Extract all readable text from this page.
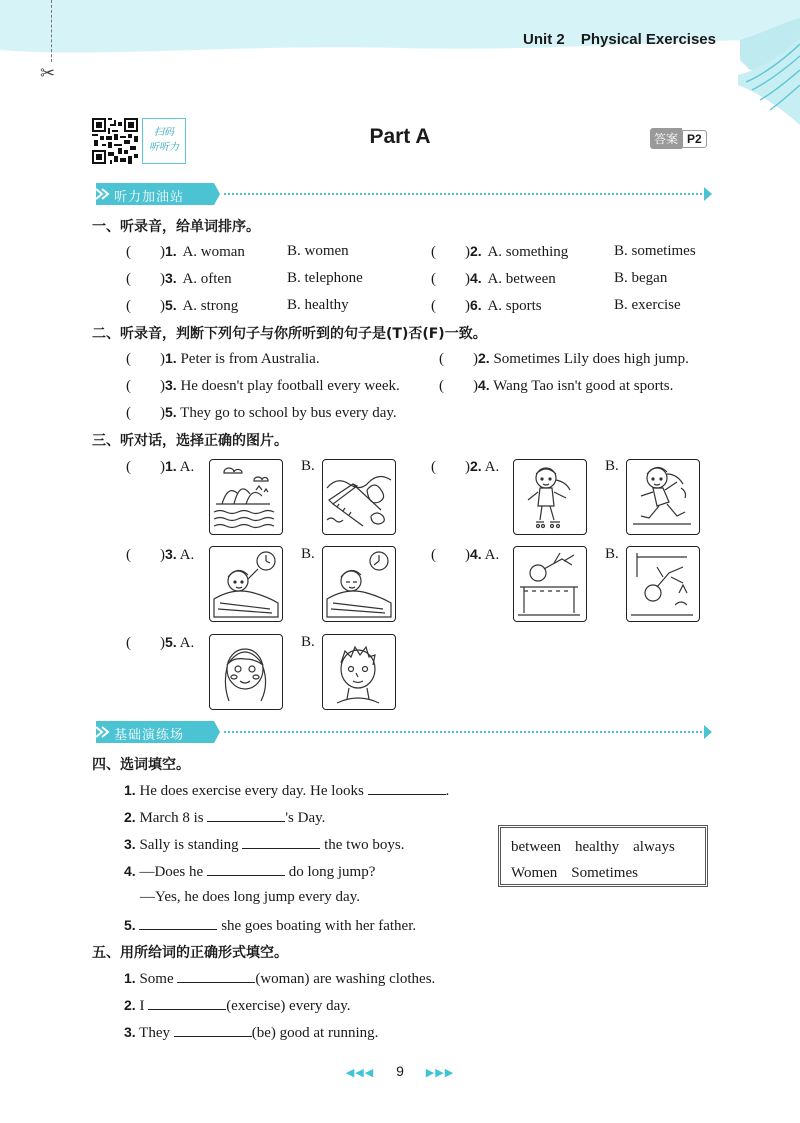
Unit 2 Physical Exercises
✂
扫码
听听力	Part A	答案 P2
听力加油站
一、听录音，给单词排序。
( )1. A. woman	B. women	( )2. A. something	B. sometimes
( )3. A. often	B. telephone	( )4. A. between	B. began
( )5. A. strong	B. healthy	( )6. A. sports	B. exercise
二、听录音，判断下列句子与你所听到的句子是(T)否(F)一致。
( )1. Peter is from Australia.	( )2. Sometimes Lily does high jump.
( )3. He doesn't play football every week.	( )4. Wang Tao isn't good at sports.
( )5. They go to school by bus every day.
三、听对话，选择正确的图片。
( )1. A.	B.	( )2. A.	B.
( )3. A.	B.	( )4. A.	B.
( )5. A.	B.
基础演练场
四、选词填空。
1. He does exercise every day. He looks	.
2. March 8 is	's Day.
3. Sally is standing	the two boys.
4. —Does he	do long jump?
—Yes, he does long jump every day.
5.	she goes boating with her father.
between healthy always
Women Sometimes
五、用所给词的正确形式填空。
1. Some	(woman) are washing clothes.
2. I	(exercise) every day.
3. They	(be) good at running.
◀◀◀ 9 ▶▶▶
